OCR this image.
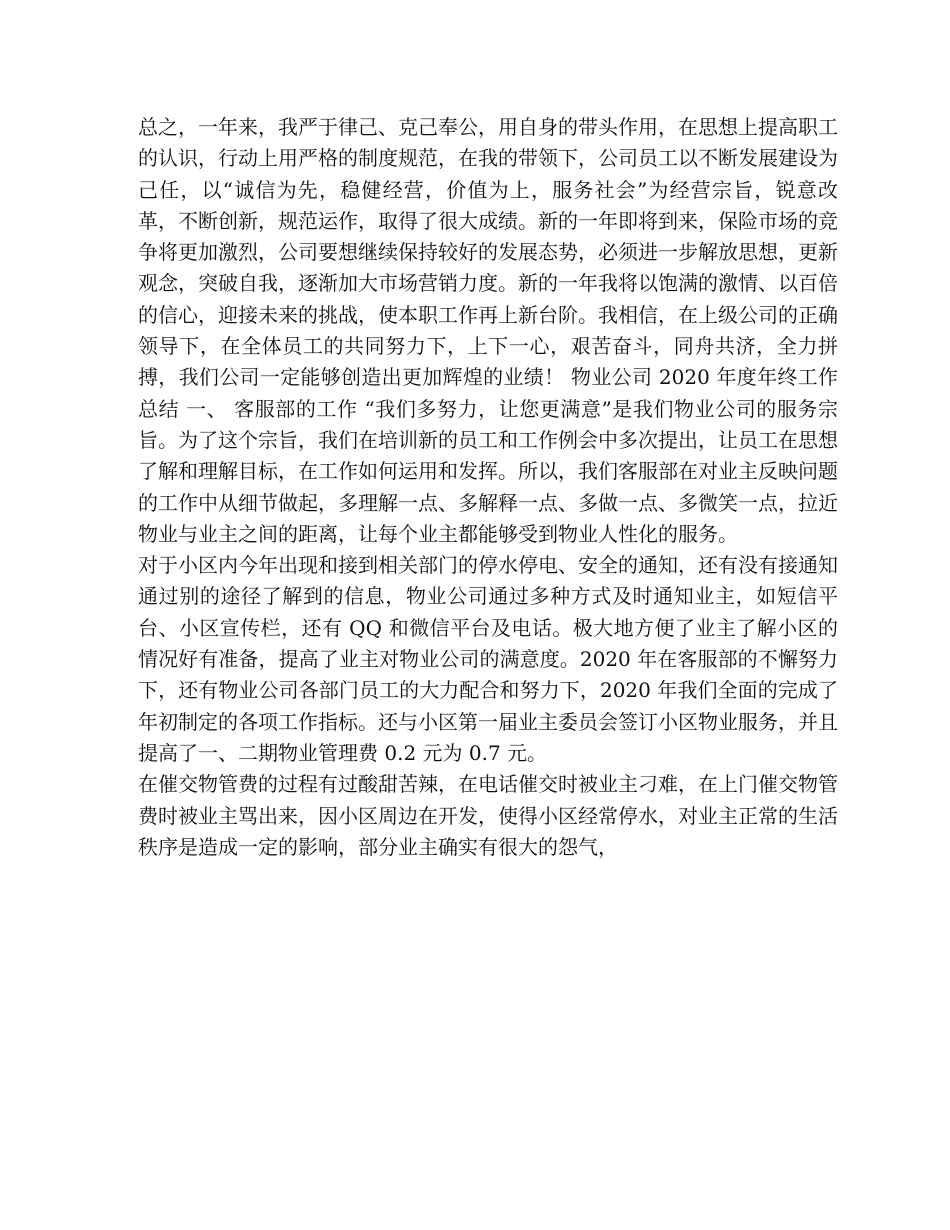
总之，一年来，我严于律己、克己奉公，用自身的带头作用，在思想上提高职工的认识，行动上用严格的制度规范，在我的带领下，公司员工以不断发展建设为己任，以“诚信为先，稳健经营，价值为上，服务社会”为经营宗旨，锐意改革，不断创新，规范运作，取得了很大成绩。新的一年即将到来，保险市场的竞争将更加激烈，公司要想继续保持较好的发展态势，必须进一步解放思想，更新观念，突破自我，逐渐加大市场营销力度。新的一年我将以饱满的激情、以百倍的信心，迎接未来的挑战，使本职工作再上新台阶。我相信，在上级公司的正确领导下，在全体员工的共同努力下，上下一心，艰苦奋斗，同舟共济，全力拼搏，我们公司一定能够创造出更加辉煌的业绩！ 物业公司 2020 年度年终工作总结 一、 客服部的工作 “我们多努力，让您更满意”是我们物业公司的服务宗旨。为了这个宗旨，我们在培训新的员工和工作例会中多次提出，让员工在思想了解和理解目标，在工作如何运用和发挥。所以，我们客服部在对业主反映问题的工作中从细节做起，多理解一点、多解释一点、多做一点、多微笑一点，拉近物业与业主之间的距离，让每个业主都能够受到物业人性化的服务。

对于小区内今年出现和接到相关部门的停水停电、安全的通知，还有没有接通知通过别的途径了解到的信息，物业公司通过多种方式及时通知业主，如短信平台、小区宣传栏，还有 QQ 和微信平台及电话。极大地方便了业主了解小区的情况好有准备，提高了业主对物业公司的满意度。2020 年在客服部的不懈努力下，还有物业公司各部门员工的大力配合和努力下，2020 年我们全面的完成了年初制定的各项工作指标。还与小区第一届业主委员会签订小区物业服务，并且提高了一、二期物业管理费 0.2 元为 0.7 元。

在催交物管费的过程有过酸甜苦辣，在电话催交时被业主刁难，在上门催交物管费时被业主骂出来，因小区周边在开发，使得小区经常停水，对业主正常的生活秩序是造成一定的影响，部分业主确实有很大的怨气，
